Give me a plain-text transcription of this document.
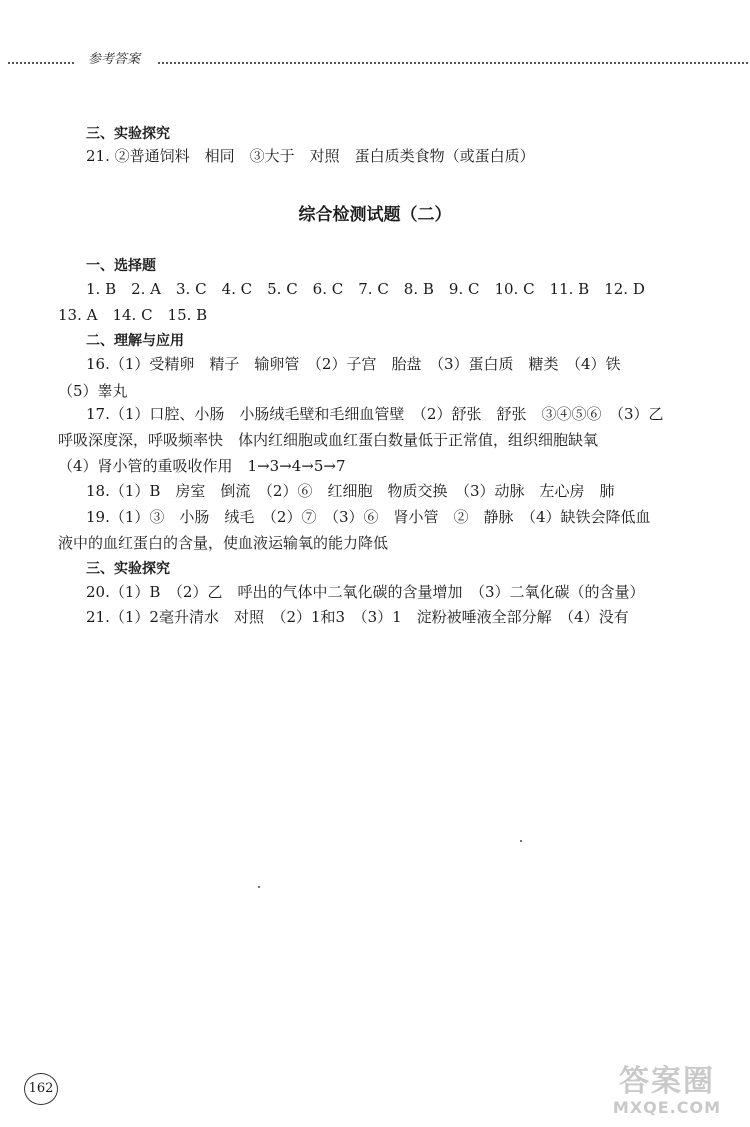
参考答案
三、实验探究
21. ②普通饲料　相同　③大于　对照　蛋白质类食物（或蛋白质）
综合检测试题（二）
一、选择题
1. B　2. A　3. C　4. C　5. C　6. C　7. C　8. B　9. C　10. C　11. B　12. D
13. A　14. C　15. B
二、理解与应用
16.（1）受精卵　精子　输卵管　（2）子宫　胎盘　（3）蛋白质　糖类　（4）铁
（5）睾丸
17.（1）口腔、小肠　小肠绒毛壁和毛细血管壁　（2）舒张　舒张　③④⑤⑥　（3）乙
呼吸深度深，呼吸频率快　体内红细胞或血红蛋白数量低于正常值，组织细胞缺氧
（4）肾小管的重吸收作用　1→3→4→5→7
18.（1）B　房室　倒流　（2）⑥　红细胞　物质交换　（3）动脉　左心房　肺
19.（1）③　小肠　绒毛　（2）⑦　（3）⑥　肾小管　②　静脉　（4）缺铁会降低血
液中的血红蛋白的含量，使血液运输氧的能力降低
三、实验探究
20.（1）B　（2）乙　呼出的气体中二氧化碳的含量增加　（3）二氧化碳（的含量）
21.（1）2毫升清水　对照　（2）1和3　（3）1　淀粉被唾液全部分解　（4）没有
162	答案圈
MXQE.COM
